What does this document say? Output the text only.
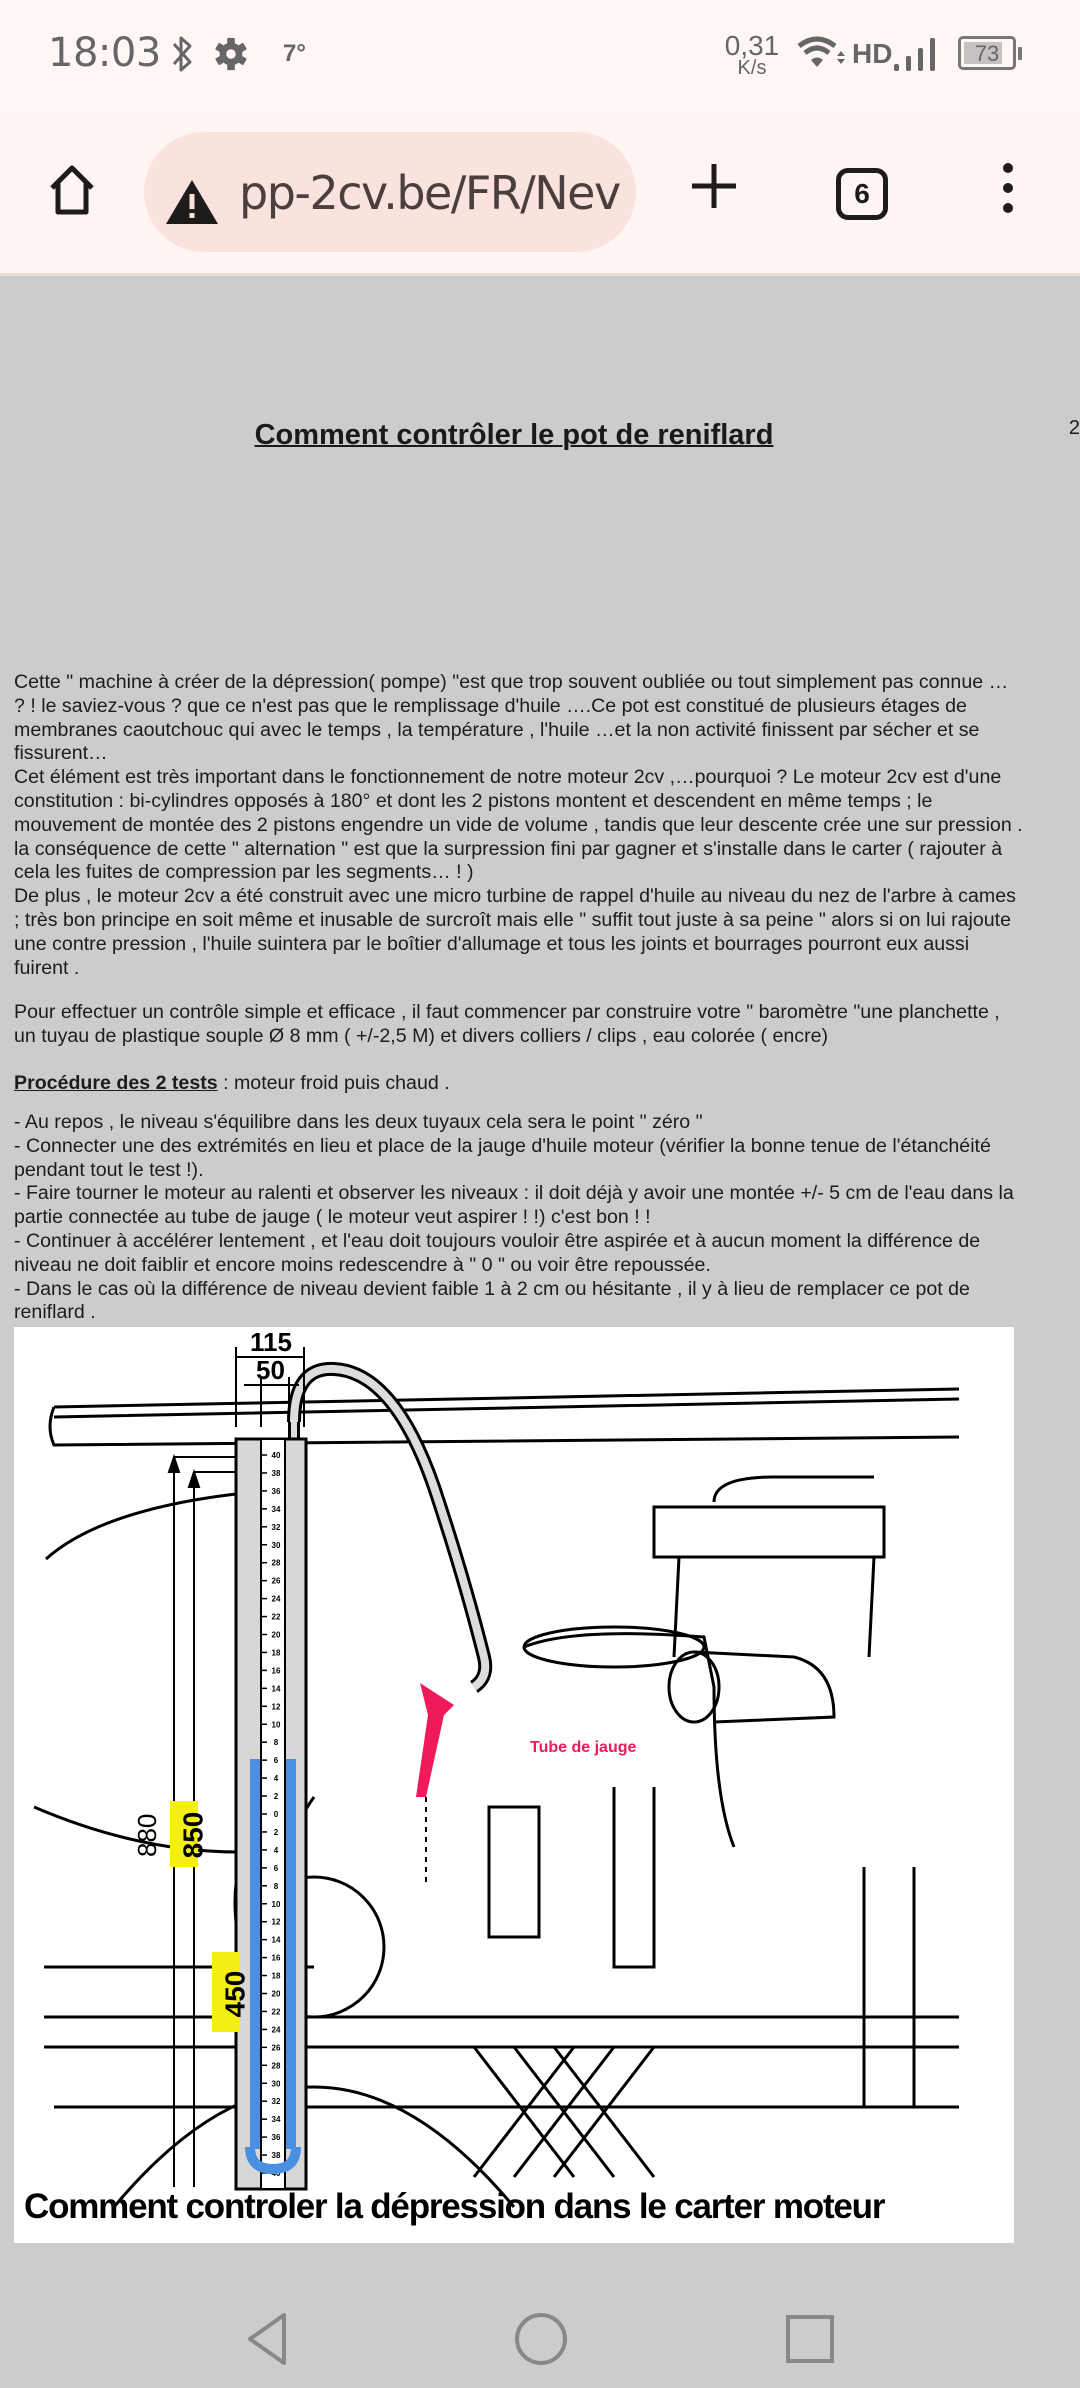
18:03	7°	0,31
K/s	HD	73
pp-2cv.be/FR/Nev	6
Comment contrôler le pot de reniflard	2

Cette " machine à créer de la dépression( pompe) "est que trop souvent oubliée ou tout simplement pas connue … ? ! le saviez-vous ? que ce n'est pas que le remplissage d'huile ….Ce pot est constitué de plusieurs étages de membranes caoutchouc qui avec le temps , la température , l'huile …et la non activité finissent par sécher et se fissurent…

Cet élément est très important dans le fonctionnement de notre moteur 2cv ,…pourquoi ? Le moteur 2cv est d'une constitution : bi-cylindres opposés à 180° et dont les 2 pistons montent et descendent en même temps ; le mouvement de montée des 2 pistons engendre un vide de volume , tandis que leur descente crée une sur pression . la conséquence de cette " alternation " est que la surpression fini par gagner et s'installe dans le carter ( rajouter à cela les fuites de compression par les segments… ! )

De plus , le moteur 2cv a été construit avec une micro turbine de rappel d'huile au niveau du nez de l'arbre à cames ; très bon principe en soit même et inusable de surcroît mais elle " suffit tout juste à sa peine " alors si on lui rajoute une contre pression , l'huile suintera par le boîtier d'allumage et tous les joints et bourrages pourront eux aussi fuirent .

Pour effectuer un contrôle simple et efficace , il faut commencer par construire votre " baromètre "une planchette , un tuyau de plastique souple Ø 8 mm ( +/-2,5 M) et divers colliers / clips , eau colorée ( encre)
Procédure des 2 tests : moteur froid puis chaud .

- Au repos , le niveau s'équilibre dans les deux tuyaux cela sera le point " zéro "

- Connecter une des extrémités en lieu et place de la jauge d'huile moteur (vérifier la bonne tenue de l'étanchéité pendant tout le test !).

- Faire tourner le moteur au ralenti et observer les niveaux : il doit déjà y avoir une montée +/- 5 cm de l'eau dans la partie connectée au tube de jauge ( le moteur veut aspirer ! !) c'est bon ! !

- Continuer à accélérer lentement , et l'eau doit toujours vouloir être aspirée et à aucun moment la différence de niveau ne doit faiblir et encore moins redescendre à " 0 " ou voir être repoussée.

- Dans le cas où la différence de niveau devient faible 1 à 2 cm ou hésitante , il y à lieu de remplacer ce pot de reniflard .

40
38
36
34
32
30
28
26
24
22
20
18
16
14
12
10
8
6
4
2
0
2
4
6
8
10
12
14
16
18
20
22
24
26
28
30
32
34
36
38
40
Tube de jauge
115
50
880 850
450
Comment controler la dépression dans le carter moteur
